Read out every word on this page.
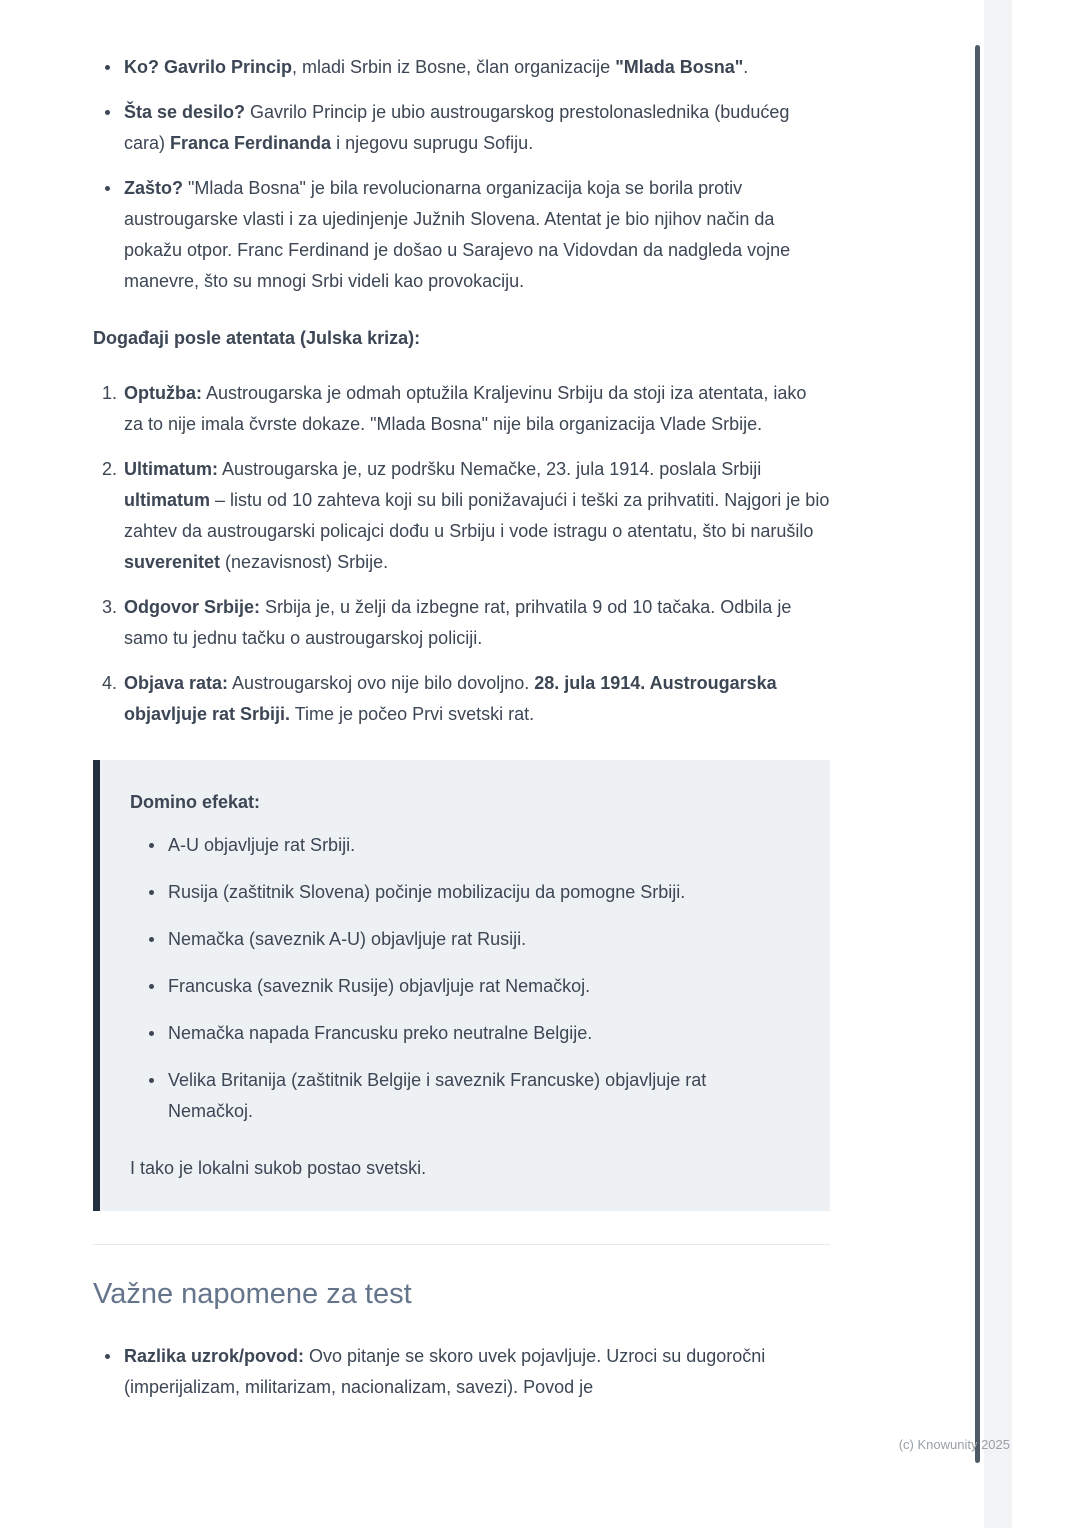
• Ko? Gavrilo Princip, mladi Srbin iz Bosne, član organizacije "Mlada Bosna".
• Šta se desilo? Gavrilo Princip je ubio austrougarskog prestolonaslednika (budućeg cara) Franca Ferdinanda i njegovu suprugu Sofiju.
• Zašto? "Mlada Bosna" je bila revolucionarna organizacija koja se borila protiv austrougarske vlasti i za ujedinjenje Južnih Slovena. Atentat je bio njihov način da pokažu otpor. Franc Ferdinand je došao u Sarajevo na Vidovdan da nadgleda vojne manevre, što su mnogi Srbi videli kao provokaciju.

Događaji posle atentata (Julska kriza):

1. Optužba: Austrougarska je odmah optužila Kraljevinu Srbiju da stoji iza atentata, iako za to nije imala čvrste dokaze. "Mlada Bosna" nije bila organizacija Vlade Srbije.
2. Ultimatum: Austrougarska je, uz podršku Nemačke, 23. jula 1914. poslala Srbiji ultimatum – listu od 10 zahteva koji su bili ponižavajući i teški za prihvatiti. Najgori je bio zahtev da austrougarski policajci dođu u Srbiju i vode istragu o atentatu, što bi narušilo suverenitet (nezavisnost) Srbije.
3. Odgovor Srbije: Srbija je, u želji da izbegne rat, prihvatila 9 od 10 tačaka. Odbila je samo tu jednu tačku o austrougarskoj policiji.
4. Objava rata: Austrougarskoj ovo nije bilo dovoljno. 28. jula 1914. Austrougarska objavljuje rat Srbiji. Time je počeo Prvi svetski rat.

Domino efekat:

• A-U objavljuje rat Srbiji.
• Rusija (zaštitnik Slovena) počinje mobilizaciju da pomogne Srbiji.
• Nemačka (saveznik A-U) objavljuje rat Rusiji.
• Francuska (saveznik Rusije) objavljuje rat Nemačkoj.
• Nemačka napada Francusku preko neutralne Belgije.
• Velika Britanija (zaštitnik Belgije i saveznik Francuske) objavljuje rat Nemačkoj.

I tako je lokalni sukob postao svetski.

Važne napomene za test
• Razlika uzrok/povod: Ovo pitanje se skoro uvek pojavljuje. Uzroci su dugoročni (imperijalizam, militarizam, nacionalizam, savezi). Povod je
(c) Knowunity 2025
